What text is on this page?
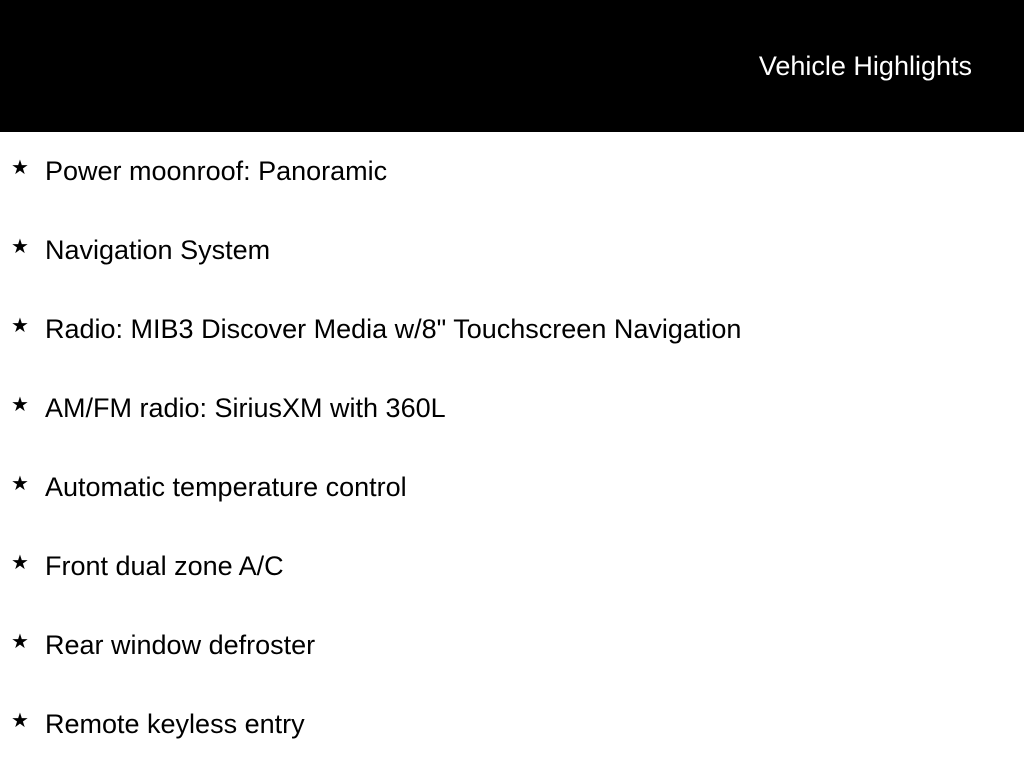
Vehicle Highlights
★ Power moonroof: Panoramic
★ Navigation System
★ Radio: MIB3 Discover Media w/8" Touchscreen Navigation
★ AM/FM radio: SiriusXM with 360L
★ Automatic temperature control
★ Front dual zone A/C
★ Rear window defroster
★ Remote keyless entry
